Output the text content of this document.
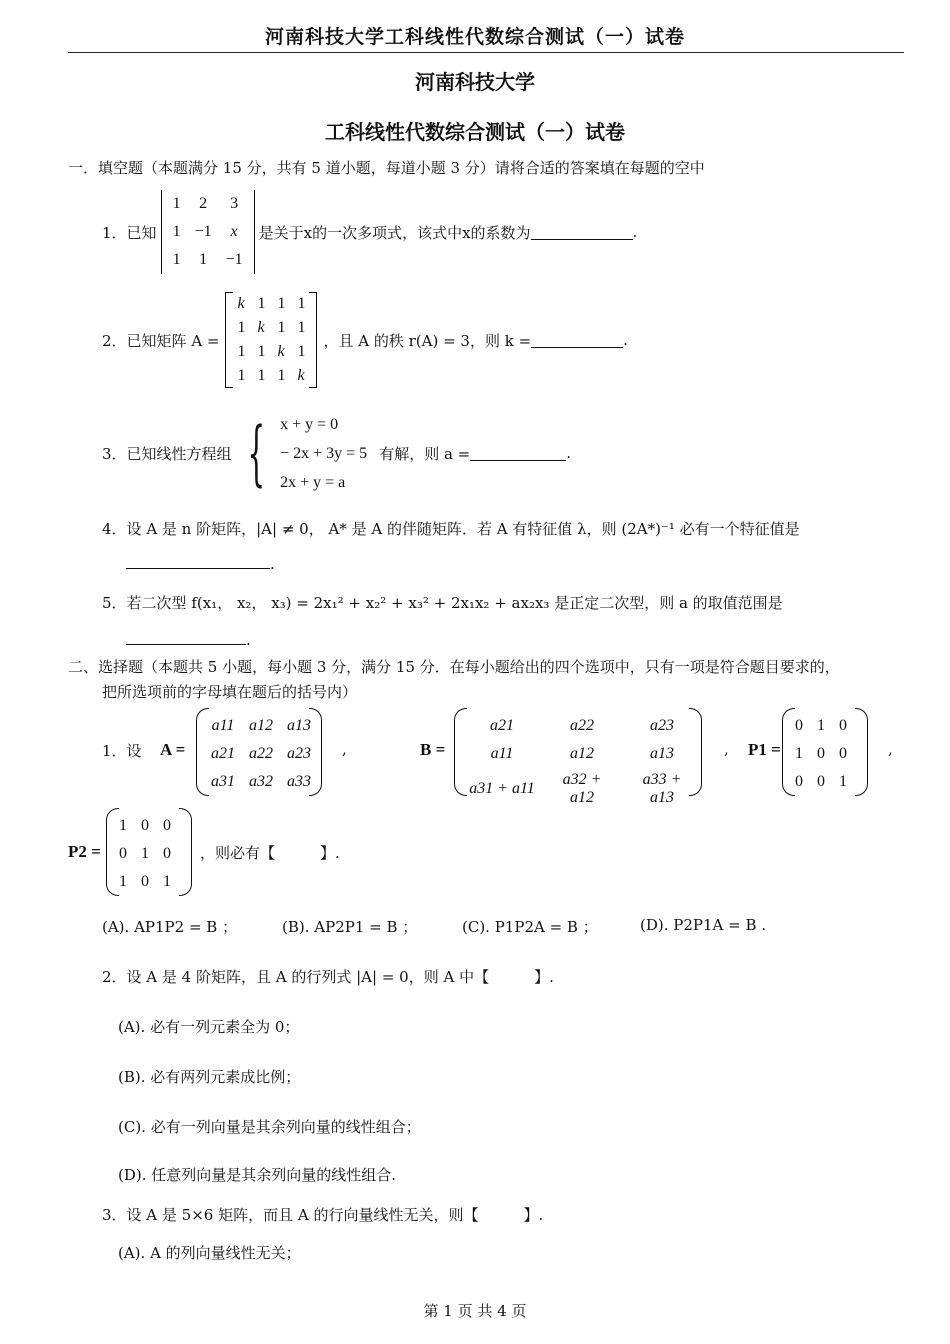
河南科技大学工科线性代数综合测试（一）试卷
河南科技大学
工科线性代数综合测试（一）试卷
一．填空题（本题满分 15 分，共有 5 道小题，每道小题 3 分）请将合适的答案填在每题的空中
1． 已知
1	2	3
1	−1	x
1	1	−1
是关于x的一次多项式，该式中x的系数为	.
2． 已知矩阵 A =
k	1	1	1
1	k	1	1
1	1	k	1
1	1	1	k
，且 A 的秩 r(A) = 3，则 k =	.
3． 已知线性方程组 { x + y = 0
− 2x + 3y = 5
2x + y = a
有解，则 a =	.
4．设 A 是 n 阶矩阵，|A| ≠ 0， A* 是 A 的伴随矩阵．若 A 有特征值 λ，则 (2A*)⁻¹ 必有一个特征值是
.
5．若二次型 f(x₁， x₂， x₃) = 2x₁² + x₂² + x₃² + 2x₁x₂ + ax₂x₃ 是正定二次型，则 a 的取值范围是
.
二、选择题（本题共 5 小题，每小题 3 分，满分 15 分．在每小题给出的四个选项中，只有一项是符合题目要求的，
把所选项前的字母填在题后的括号内）
1．设 A =
a11	a12	a13
a21	a22	a23
a31	a32	a33
,	B =
a21	a22	a23
a11	a12	a13
a31 + a11	a32 + a12	a33 + a13
, P1 =
0	1	0
1	0	0
0	0	1
,
P2 =
1	0	0
0	1	0
1	0	1
，则必有【　　　】.
(A). AP1P2 = B ；	(B). AP2P1 = B ；	(C). P1P2A = B ；	(D). P2P1A = B .
2．设 A 是 4 阶矩阵，且 A 的行列式 |A| = 0，则 A 中【　　　】.
(A). 必有一列元素全为 0；
(B). 必有两列元素成比例；
(C). 必有一列向量是其余列向量的线性组合；
(D). 任意列向量是其余列向量的线性组合.
3．设 A 是 5×6 矩阵，而且 A 的行向量线性无关，则【　　　】.
(A). A 的列向量线性无关；
第 1 页 共 4 页
